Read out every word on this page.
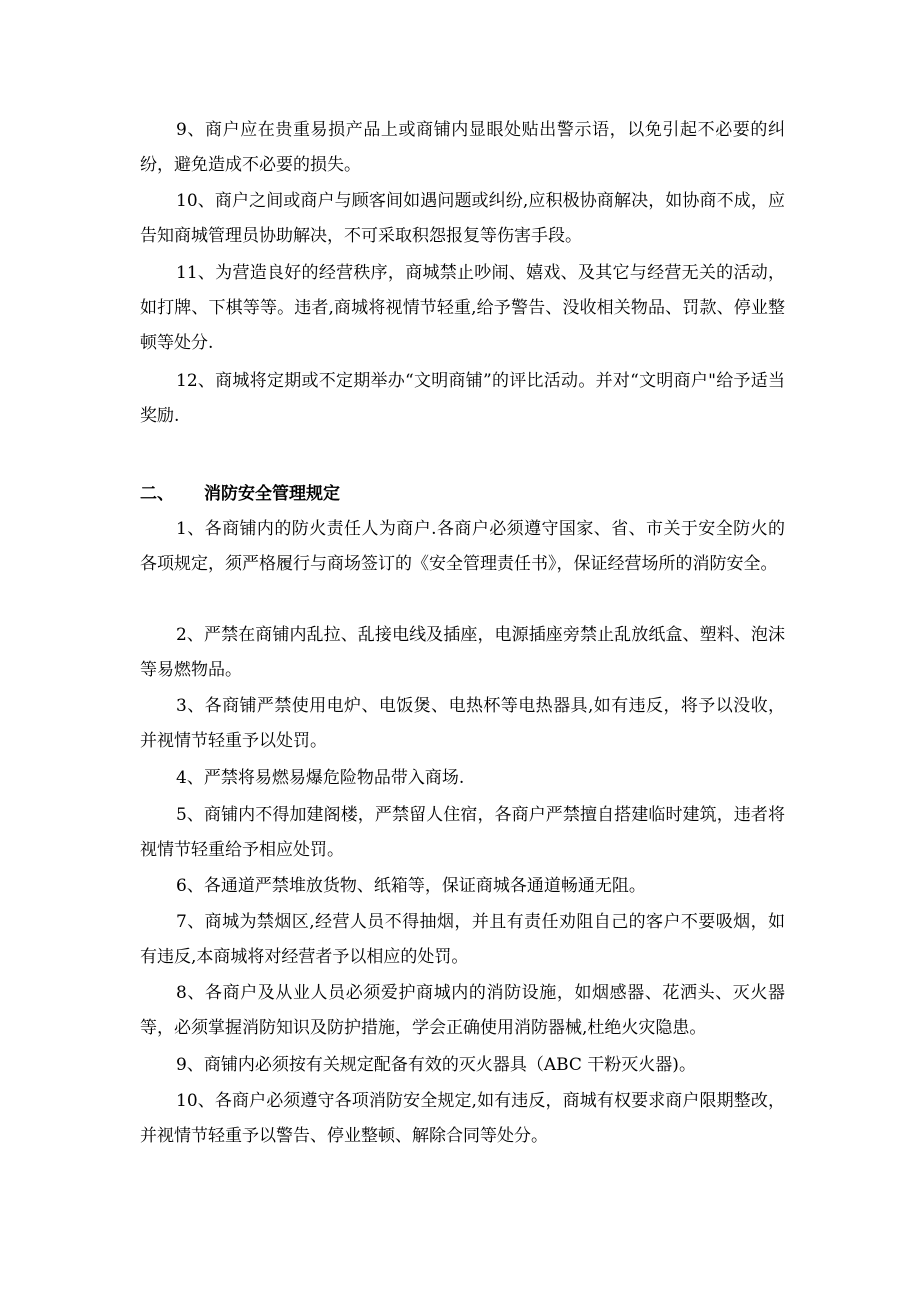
9、商户应在贵重易损产品上或商铺内显眼处贴出警示语，以免引起不必要的纠纷，避免造成不必要的损失。

10、商户之间或商户与顾客间如遇问题或纠纷,应积极协商解决，如协商不成，应告知商城管理员协助解决，不可采取积怨报复等伤害手段。

11、为营造良好的经营秩序，商城禁止吵闹、嬉戏、及其它与经营无关的活动，如打牌、下棋等等。违者,商城将视情节轻重,给予警告、没收相关物品、罚款、停业整顿等处分.

12、商城将定期或不定期举办“文明商铺”的评比活动。并对“文明商户"给予适当奖励.

二、 消防安全管理规定

1、各商铺内的防火责任人为商户.各商户必须遵守国家、省、市关于安全防火的各项规定，须严格履行与商场签订的《安全管理责任书》，保证经营场所的消防安全。

2、严禁在商铺内乱拉、乱接电线及插座，电源插座旁禁止乱放纸盒、塑料、泡沫等易燃物品。

3、各商铺严禁使用电炉、电饭煲、电热杯等电热器具,如有违反，将予以没收，并视情节轻重予以处罚。

4、严禁将易燃易爆危险物品带入商场.

5、商铺内不得加建阁楼，严禁留人住宿，各商户严禁擅自搭建临时建筑，违者将视情节轻重给予相应处罚。

6、各通道严禁堆放货物、纸箱等，保证商城各通道畅通无阻。

7、商城为禁烟区,经营人员不得抽烟，并且有责任劝阻自己的客户不要吸烟，如有违反,本商城将对经营者予以相应的处罚。

8、各商户及从业人员必须爱护商城内的消防设施，如烟感器、花洒头、灭火器等，必须掌握消防知识及防护措施，学会正确使用消防器械,杜绝火灾隐患。

9、商铺内必须按有关规定配备有效的灭火器具（ABC 干粉灭火器)。

10、各商户必须遵守各项消防安全规定,如有违反，商城有权要求商户限期整改，并视情节轻重予以警告、停业整顿、解除合同等处分。
